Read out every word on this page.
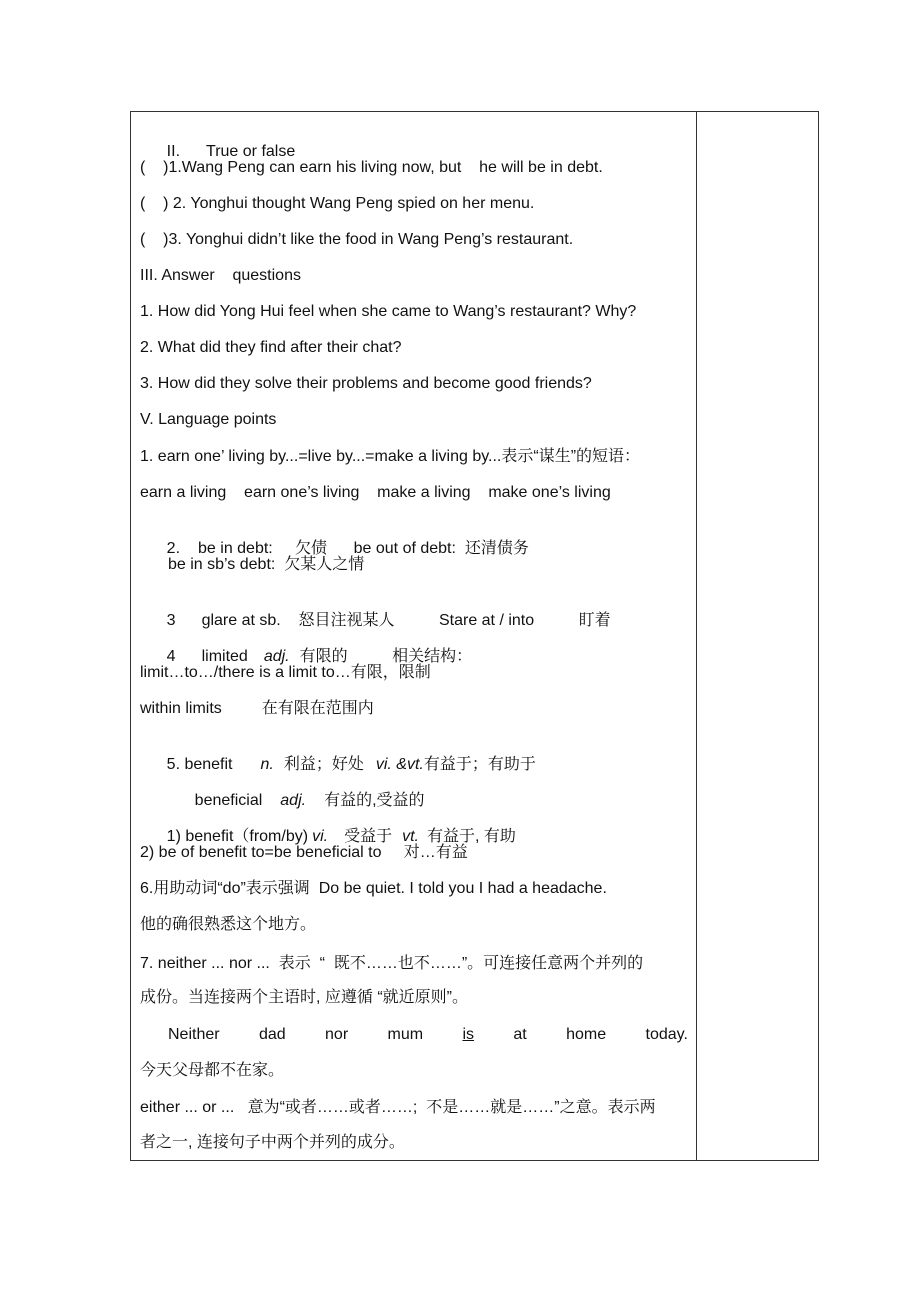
II. True or false

(    )1.Wang Peng can earn his living now, but    he will be in debt.
(    ) 2. Yonghui thought Wang Peng spied on her menu.
(    )3. Yonghui didn’t like the food in Wang Peng’s restaurant.
III. Answer    questions
1. How did Yong Hui feel when she came to Wang’s restaurant? Why?
2. What did they find after their chat?
3. How did they solve their problems and become good friends?
V. Language points
1. earn one’ living by...=live by...=make a living by...表示“谋生”的短语：
earn a living    earn one’s living    make a living    make one’s living

2. be in debt:     欠债      be out of debt:  还清债务

be in sb’s debt:  欠某人之情

3 glare at sb.    怒目注视某人          Stare at / into          盯着

4 limited adj. 有限的          相关结构：

limit…to…/there is a limit to…有限，限制
within limits         在有限在范围内

5. benefit n. 利益；好处 vi. &vt.有益于；有助于

beneficial adj. 有益的,受益的

1) benefit（from/by) vi. 受益于 vt. 有益于, 有助

2) be of benefit to=be beneficial to     对…有益
6.用助动词“do”表示强调  Do be quiet. I told you I had a headache.
他的确很熟悉这个地方。
7. neither ... nor ...  表示  “  既不……也不……”。可连接任意两个并列的
成份。当连接两个主语时, 应遵循 “就近原则”。
Neither dad nor mum is at home today.
今天父母都不在家。
either ... or ...   意为“或者……或者……;  不是……就是……”之意。表示两
者之一, 连接句子中两个并列的成分。
